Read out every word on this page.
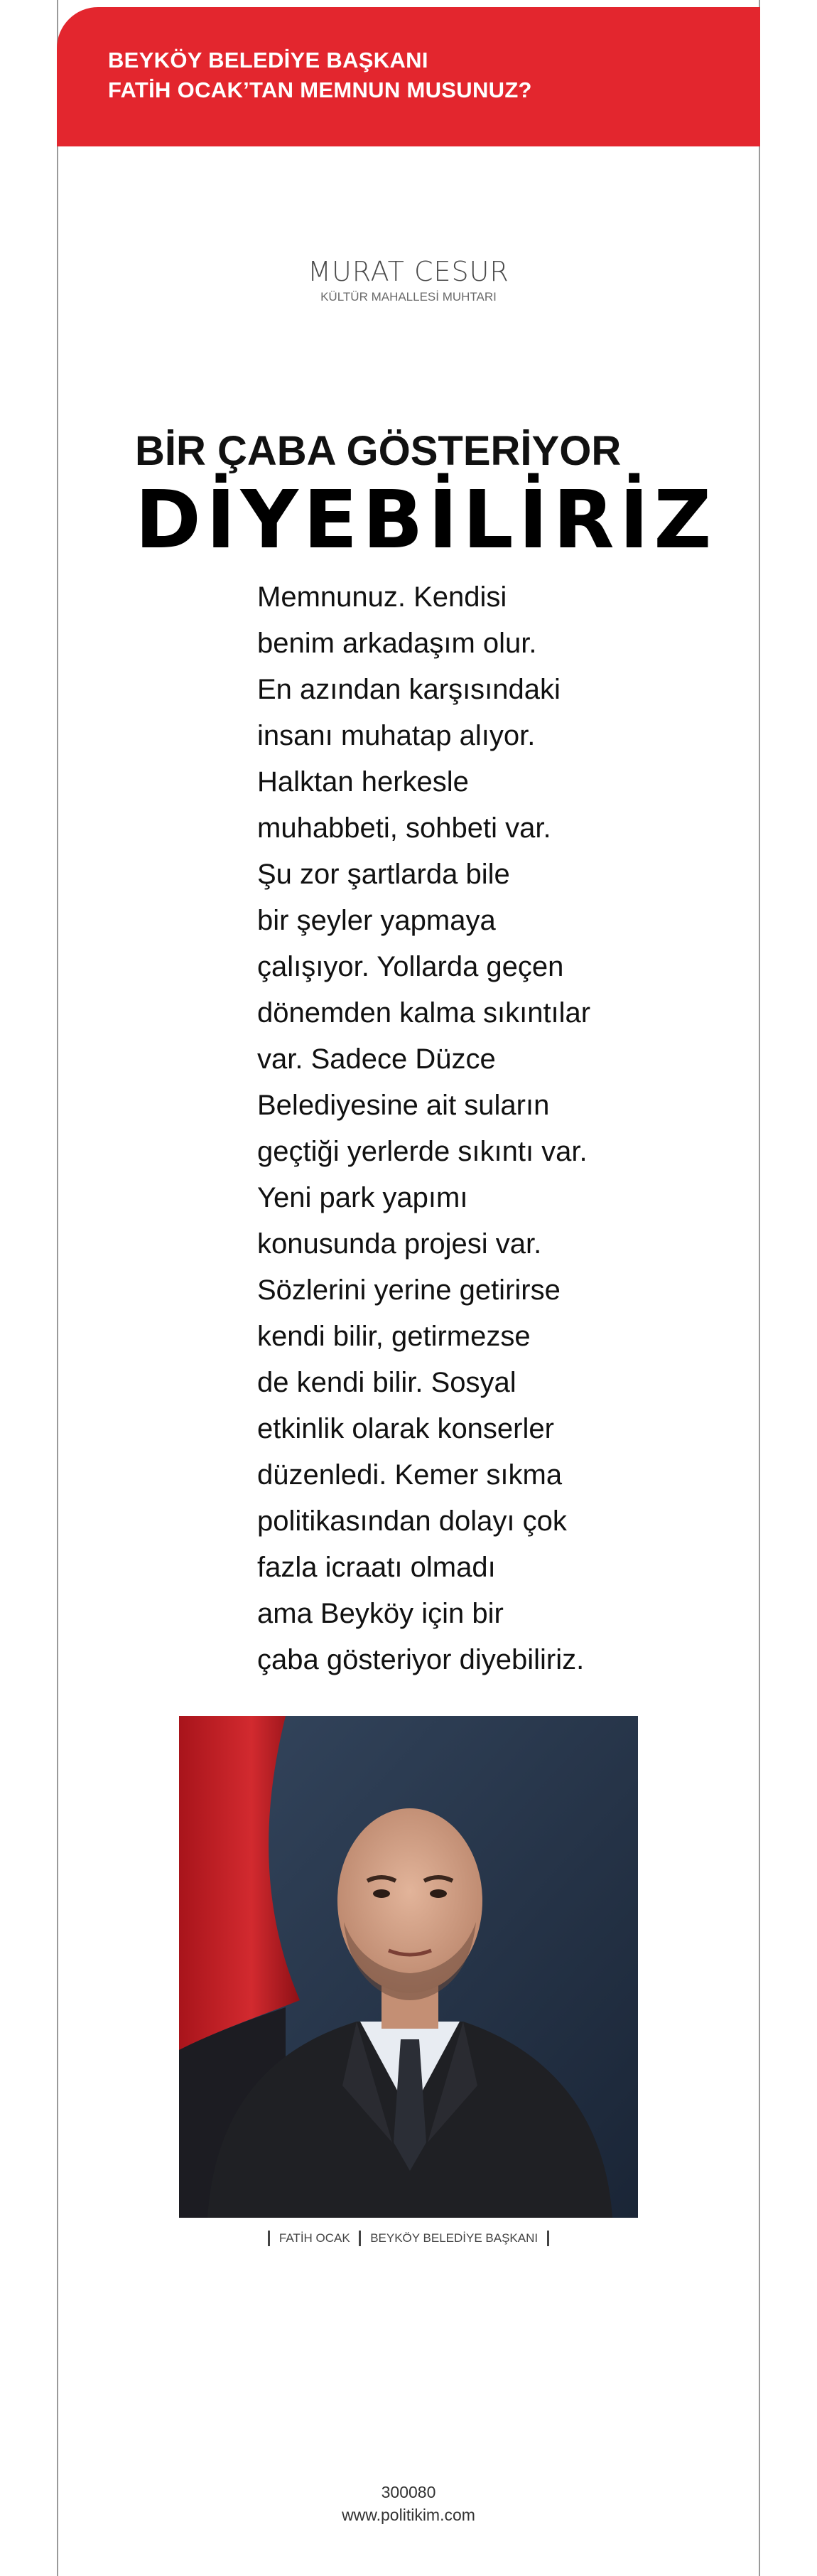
BEYKÖY BELEDİYE BAŞKANI
FATİH OCAK’TAN MEMNUN MUSUNUZ?
MURAT CESUR
KÜLTÜR MAHALLESİ MUHTARI
BİR ÇABA GÖSTERİYOR
DİYEBİLİRİZ

Memnunuz. Kendisi
benim arkadaşım olur.
En azından karşısındaki
insanı muhatap alıyor.
Halktan herkesle
muhabbeti, sohbeti var.
Şu zor şartlarda bile
bir şeyler yapmaya
çalışıyor. Yollarda geçen
dönemden kalma sıkıntılar
var. Sadece Düzce
Belediyesine ait suların
geçtiği yerlerde sıkıntı var.
Yeni park yapımı
konusunda projesi var.
Sözlerini yerine getirirse
kendi bilir, getirmezse
de kendi bilir. Sosyal
etkinlik olarak konserler
düzenledi. Kemer sıkma
politikasından dolayı çok
fazla icraatı olmadı
ama Beyköy için bir
çaba gösteriyor diyebiliriz.

FATİH OCAK BEYKÖY BELEDİYE BAŞKANI
300080
www.politikim.com
